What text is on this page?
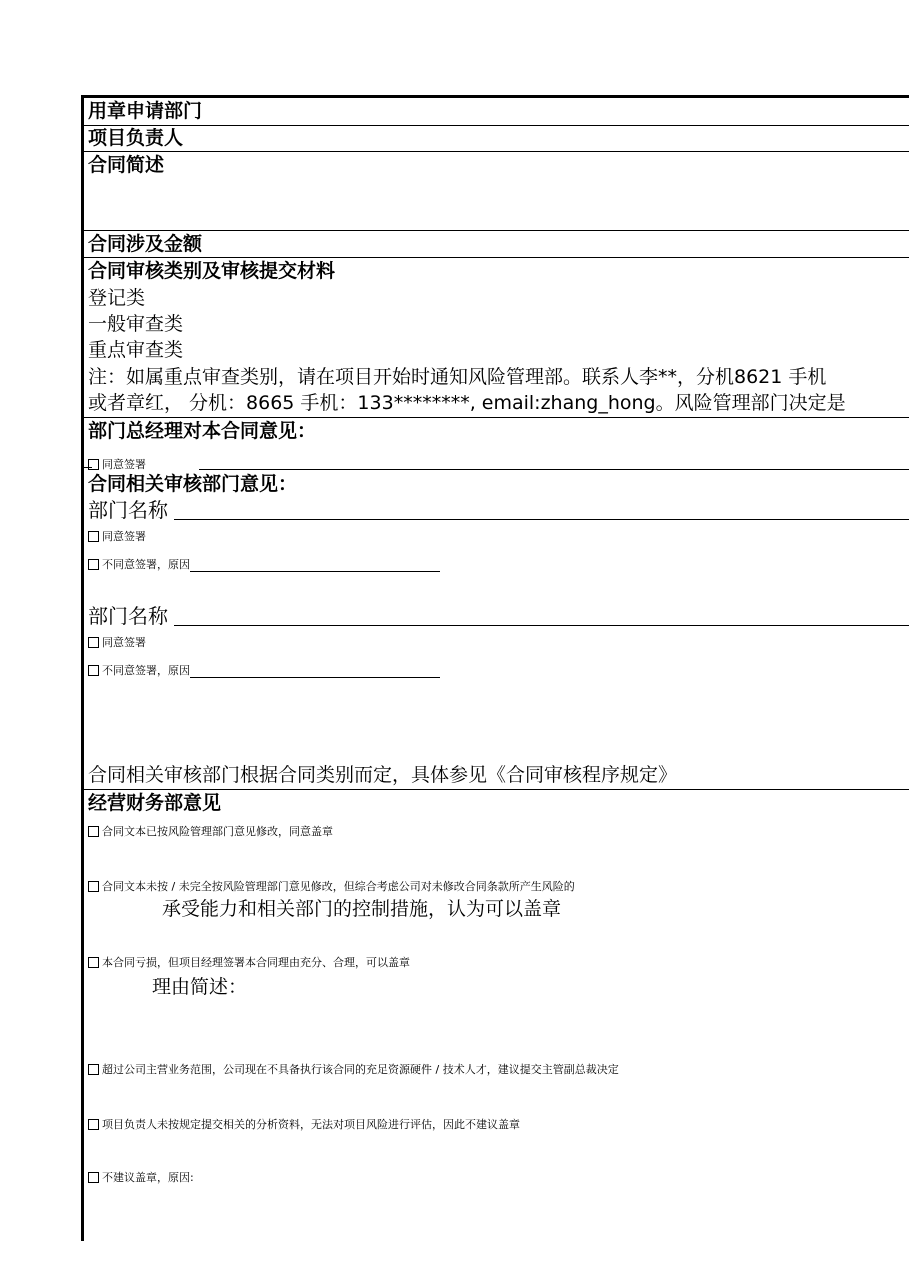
用章申请部门
项目负责人
合同简述
合同涉及金额
合同审核类别及审核提交材料
登记类
一般审查类
重点审查类
注：如属重点审查类别，请在项目开始时通知风险管理部。联系人李**，分机8621 手机
或者章红， 分机：8665 手机：133********, email:zhang_hong。风险管理部门决定是
部门总经理对本合同意见：
同意签署
合同相关审核部门意见：
部门名称
同意签署
不同意签署，原因
部门名称
同意签署
不同意签署，原因
合同相关审核部门根据合同类别而定，具体参见《合同审核程序规定》
经营财务部意见
合同文本已按风险管理部门意见修改，同意盖章
合同文本未按 / 未完全按风险管理部门意见修改，但综合考虑公司对未修改合同条款所产生风险的
承受能力和相关部门的控制措施，认为可以盖章
本合同亏损，但项目经理签署本合同理由充分、合理，可以盖章
理由简述：
超过公司主营业务范围，公司现在不具备执行该合同的充足资源硬件 / 技术人才，建议提交主管副总裁决定
项目负责人未按规定提交相关的分析资料，无法对项目风险进行评估，因此不建议盖章
不建议盖章，原因:
